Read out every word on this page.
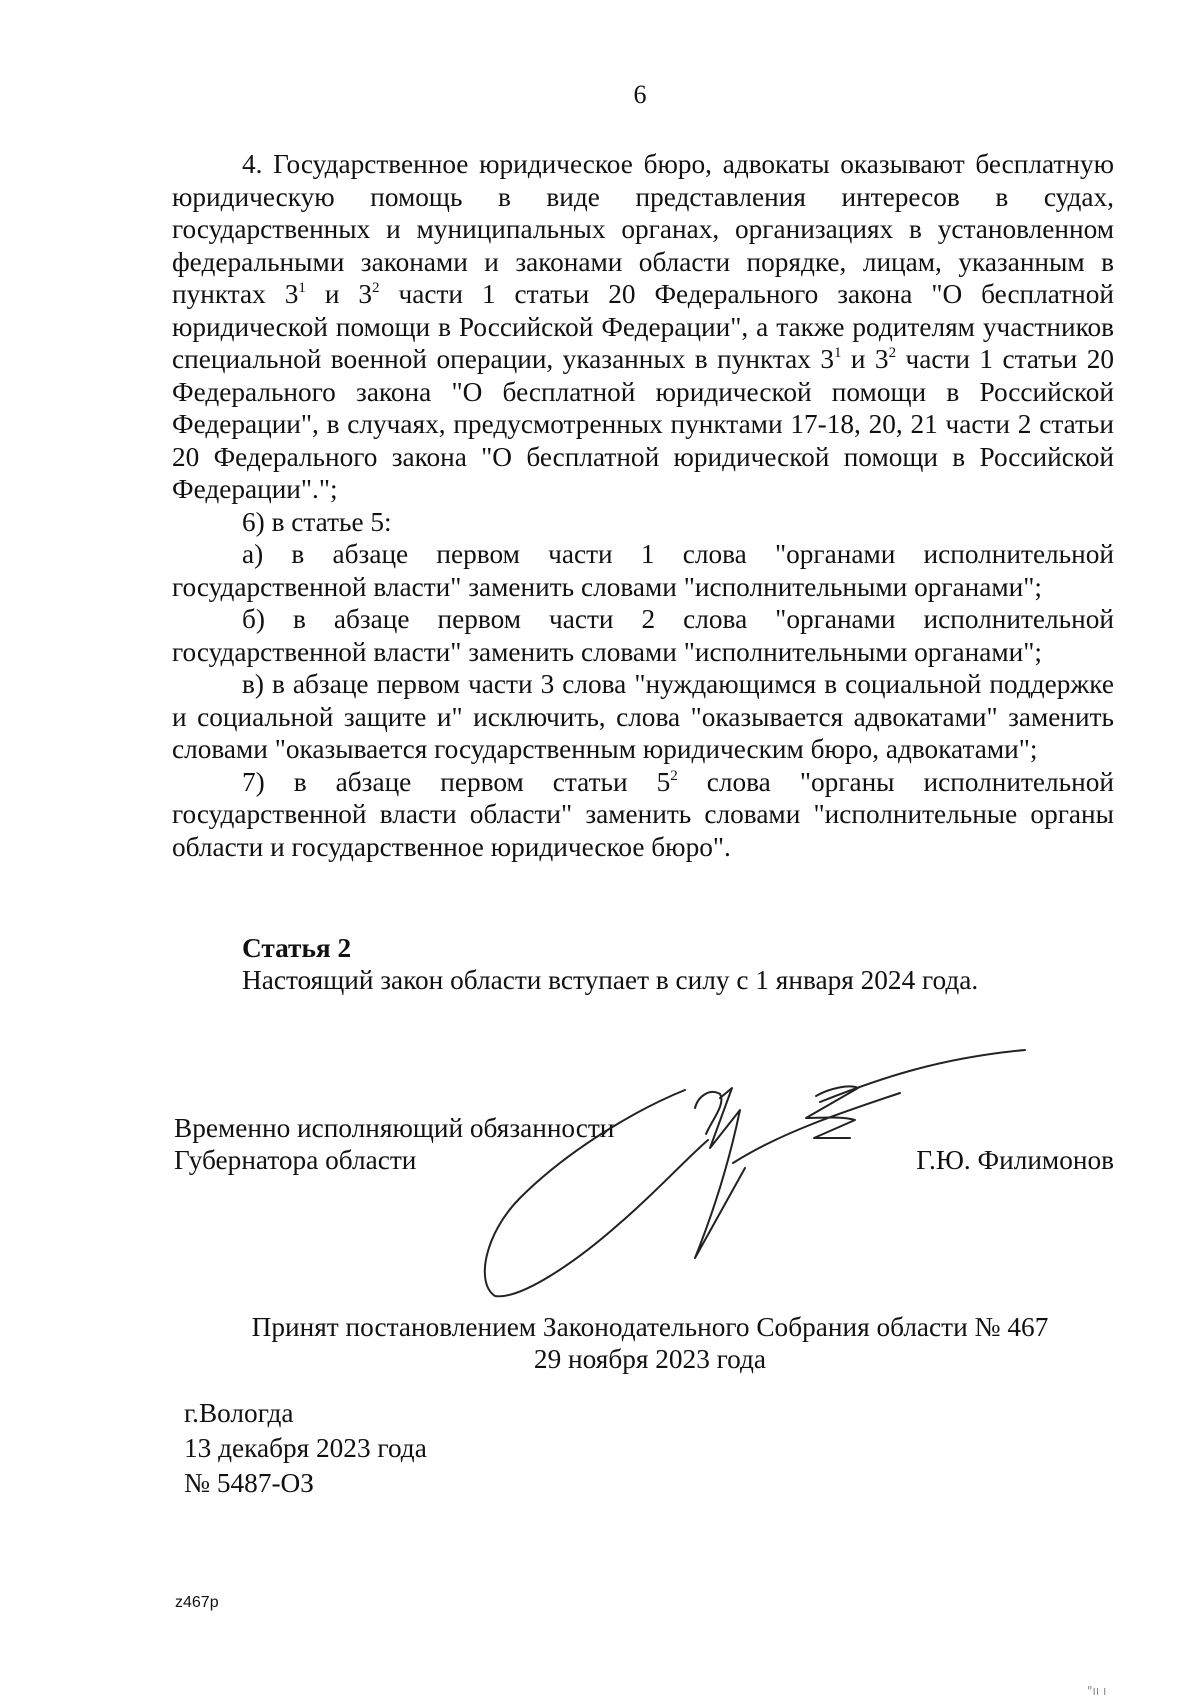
6

4. Государственное юридическое бюро, адвокаты оказывают бесплатную юридическую помощь в виде представления интересов в судах, государственных и муниципальных органах, организациях в установленном федеральными законами и законами области порядке, лицам, указанным в пунктах $3^1$ и $3^2$ части 1 статьи 20 Федерального закона "О бесплатной юридической помощи в Российской Федерации", а также родителям участников специальной военной операции, указанных в пунктах $3^1$ и $3^2$ части 1 статьи 20 Федерального закона "О бесплатной юридической помощи в Российской Федерации", в случаях, предусмотренных пунктами 17-18, 20, 21 части 2 статьи 20 Федерального закона "О бесплатной юридической помощи в Российской Федерации".";

6) в статье 5:

а) в абзаце первом части 1 слова "органами исполнительной государственной власти" заменить словами "исполнительными органами";

б) в абзаце первом части 2 слова "органами исполнительной государственной власти" заменить словами "исполнительными органами";

в) в абзаце первом части 3 слова "нуждающимся в социальной поддержке и социальной защите и" исключить, слова "оказывается адвокатами" заменить словами "оказывается государственным юридическим бюро, адвокатами";

7) в абзаце первом статьи $5^2$ слова "органы исполнительной государственной власти области" заменить словами "исполнительные органы области и государственное юридическое бюро".

Статья 2

Настоящий закон области вступает в силу с 1 января 2024 года.

Временно исполняющий обязанности
Губернатора области	Г.Ю. Филимонов
Принят постановлением Законодательного Собрания области № 467
29 ноября 2023 года
г.Вологда
13 декабря 2023 года
№ 5487-ОЗ
z467р
"ıı ı
